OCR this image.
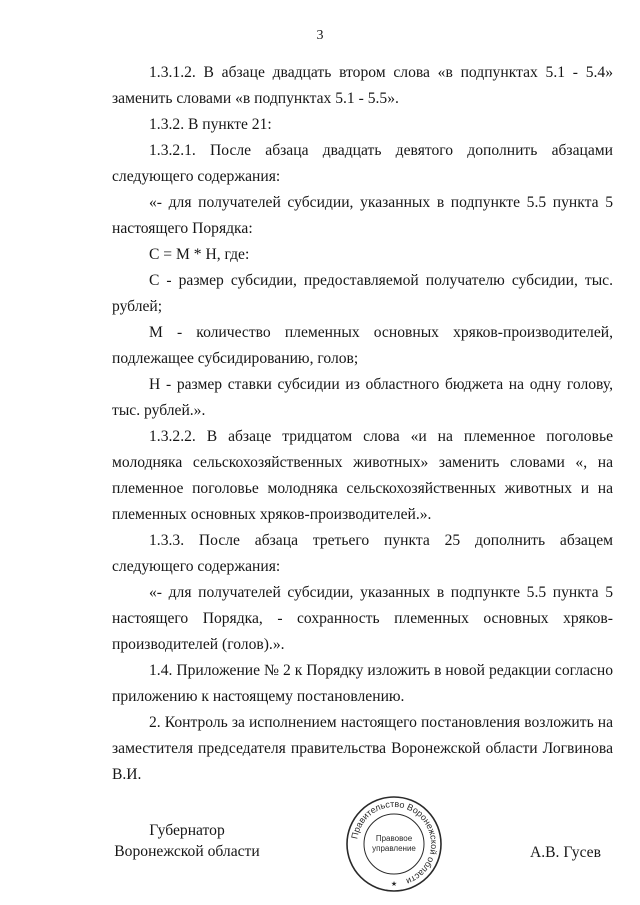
3

1.3.1.2. В абзаце двадцать втором слова «в подпунктах 5.1 - 5.4» заменить словами «в подпунктах 5.1 - 5.5».

1.3.2. В пункте 21:

1.3.2.1. После абзаца двадцать девятого дополнить абзацами следующего содержания:

«- для получателей субсидии, указанных в подпункте 5.5 пункта 5 настоящего Порядка:

С = М * Н, где:

С - размер субсидии, предоставляемой получателю субсидии, тыс. рублей;

М - количество племенных основных хряков-производителей, подлежащее субсидированию, голов;

Н - размер ставки субсидии из областного бюджета на одну голову, тыс. рублей.».

1.3.2.2. В абзаце тридцатом слова «и на племенное поголовье молодняка сельскохозяйственных животных» заменить словами «, на племенное поголовье молодняка сельскохозяйственных животных и на племенных основных хряков-производителей.».

1.3.3. После абзаца третьего пункта 25 дополнить абзацем следующего содержания:

«- для получателей субсидии, указанных в подпункте 5.5 пункта 5 настоящего Порядка, - сохранность племенных основных хряков-производителей (голов).».

1.4. Приложение № 2 к Порядку изложить в новой редакции согласно приложению к настоящему постановлению.

2. Контроль за исполнением настоящего постановления возложить на заместителя председателя правительства Воронежской области Логвинова В.И.

Губернатор
Воронежской области
Правительство Воронежской области
Правовое
управление
★
А.В. Гусев
